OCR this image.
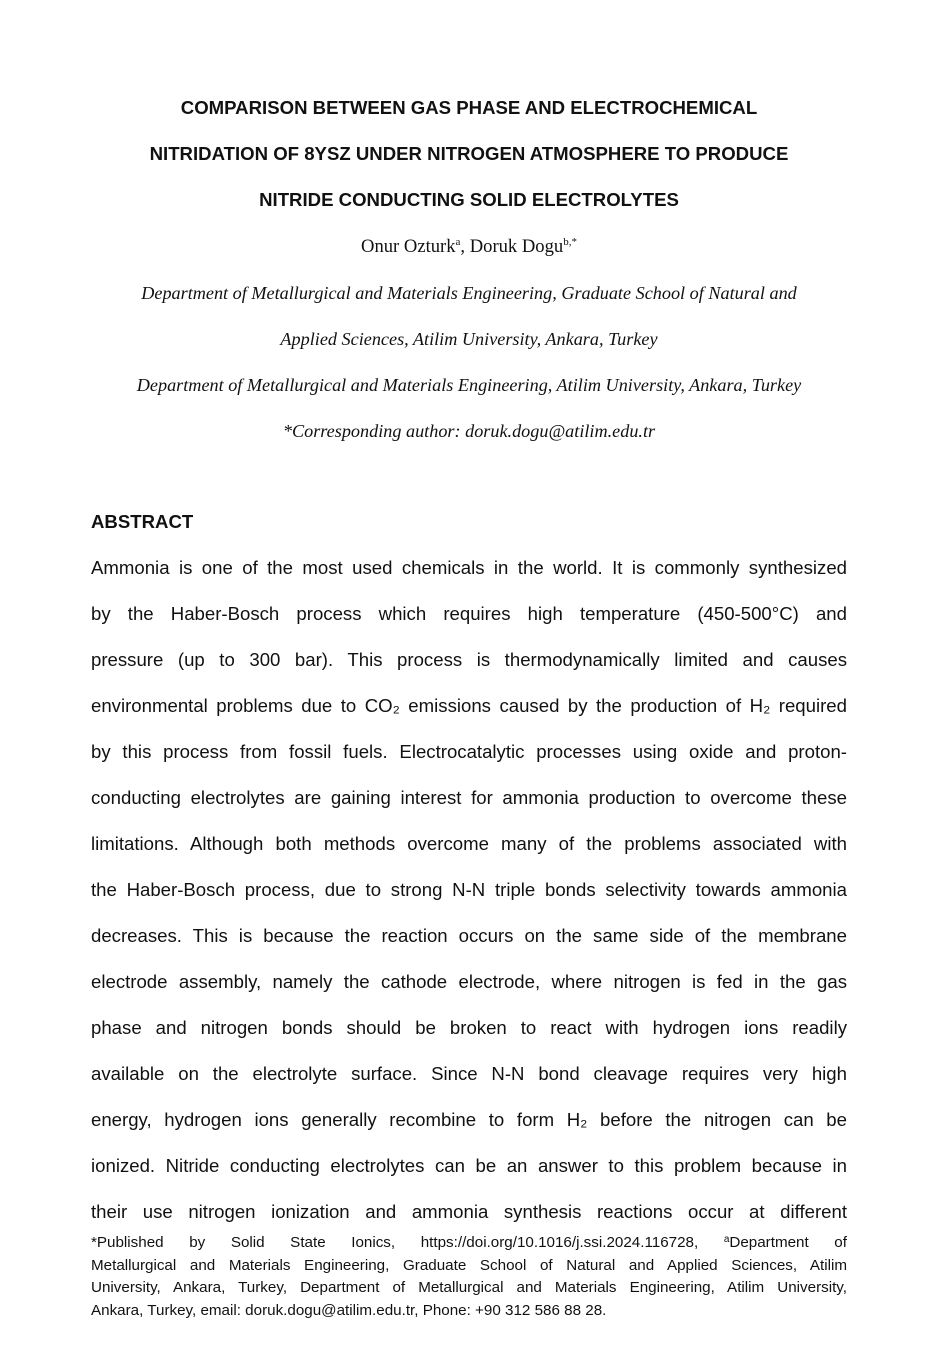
COMPARISON BETWEEN GAS PHASE AND ELECTROCHEMICAL
NITRIDATION OF 8YSZ UNDER NITROGEN ATMOSPHERE TO PRODUCE
NITRIDE CONDUCTING SOLID ELECTROLYTES
Onur Ozturk$^a$, Doruk Dogu$^{b,*}$
Department of Metallurgical and Materials Engineering, Graduate School of Natural and
Applied Sciences, Atilim University, Ankara, Turkey
Department of Metallurgical and Materials Engineering, Atilim University, Ankara, Turkey
*Corresponding author: doruk.dogu@atilim.edu.tr
ABSTRACT
Ammonia is one of the most used chemicals in the world. It is commonly synthesized
by the Haber-Bosch process which requires high temperature (450-500°C) and
pressure (up to 300 bar). This process is thermodynamically limited and causes
environmental problems due to CO₂ emissions caused by the production of H₂ required
by this process from fossil fuels. Electrocatalytic processes using oxide and proton-
conducting electrolytes are gaining interest for ammonia production to overcome these
limitations. Although both methods overcome many of the problems associated with
the Haber-Bosch process, due to strong N-N triple bonds selectivity towards ammonia
decreases. This is because the reaction occurs on the same side of the membrane
electrode assembly, namely the cathode electrode, where nitrogen is fed in the gas
phase and nitrogen bonds should be broken to react with hydrogen ions readily
available on the electrolyte surface. Since N-N bond cleavage requires very high
energy, hydrogen ions generally recombine to form H₂ before the nitrogen can be
ionized. Nitride conducting electrolytes can be an answer to this problem because in
their use nitrogen ionization and ammonia synthesis reactions occur at different
*Published by Solid State Ionics, https://doi.org/10.1016/j.ssi.2024.116728, $^a$Department of
Metallurgical and Materials Engineering, Graduate School of Natural and Applied Sciences, Atilim
University, Ankara, Turkey, Department of Metallurgical and Materials Engineering, Atilim University,
Ankara, Turkey, email: doruk.dogu@atilim.edu.tr, Phone: +90 312 586 88 28.
